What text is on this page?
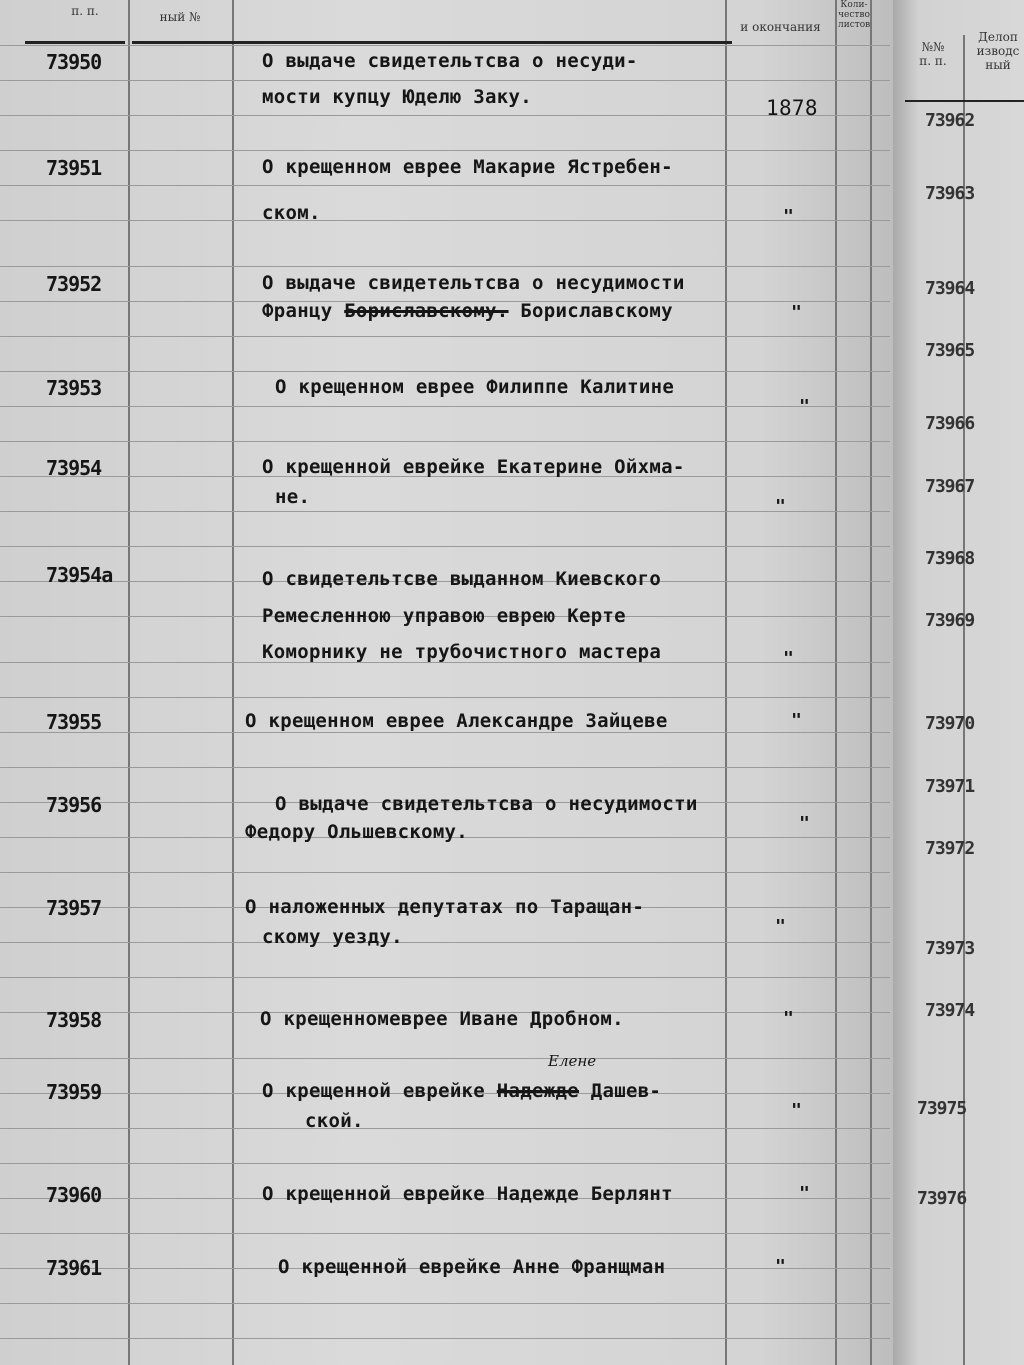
п. п.	ный №
и окончания
Коли-
чество
листов
№№
п. п.
Делоп
изводс
ный
73950	О выдаче свидетельтсва о несуди-
мости купцу Юделю Заку.	1878
73951	О крещенном еврее Макарие Ястребен-
ском.	"
73952	О выдаче свидетельтсва о несудимости
Францу Бориславскому. Бориславскому	"
73953	О крещенном еврее Филиппе Калитине
"
73954	О крещенной еврейке Екатерине Ойхма-
не.	"
73954а	О свидетельтсве выданном Киевского
Ремесленною управою еврею Керте
Коморнику не трубочистного мастера	"
73955	О крещенном еврее Александре Зайцеве	"
73956	О выдаче свидетельтсва о несудимости
Федору Ольшевскому.	"
73957	О наложенных депутатах по Таращан-
скому уезду.	"
73958	О крещенномеврее Иване Дробном.	"
73959	О крещенной еврейке Надежде Дашев-
Елене
ской.	"
73960	О крещенной еврейке Надежде Берлянт	"
73961	О крещенной еврейке Анне Франщман	"
73962
73963
73964
73965
73966
73967
73968
73969
73970
73971
73972
73973
73974
73975
73976
